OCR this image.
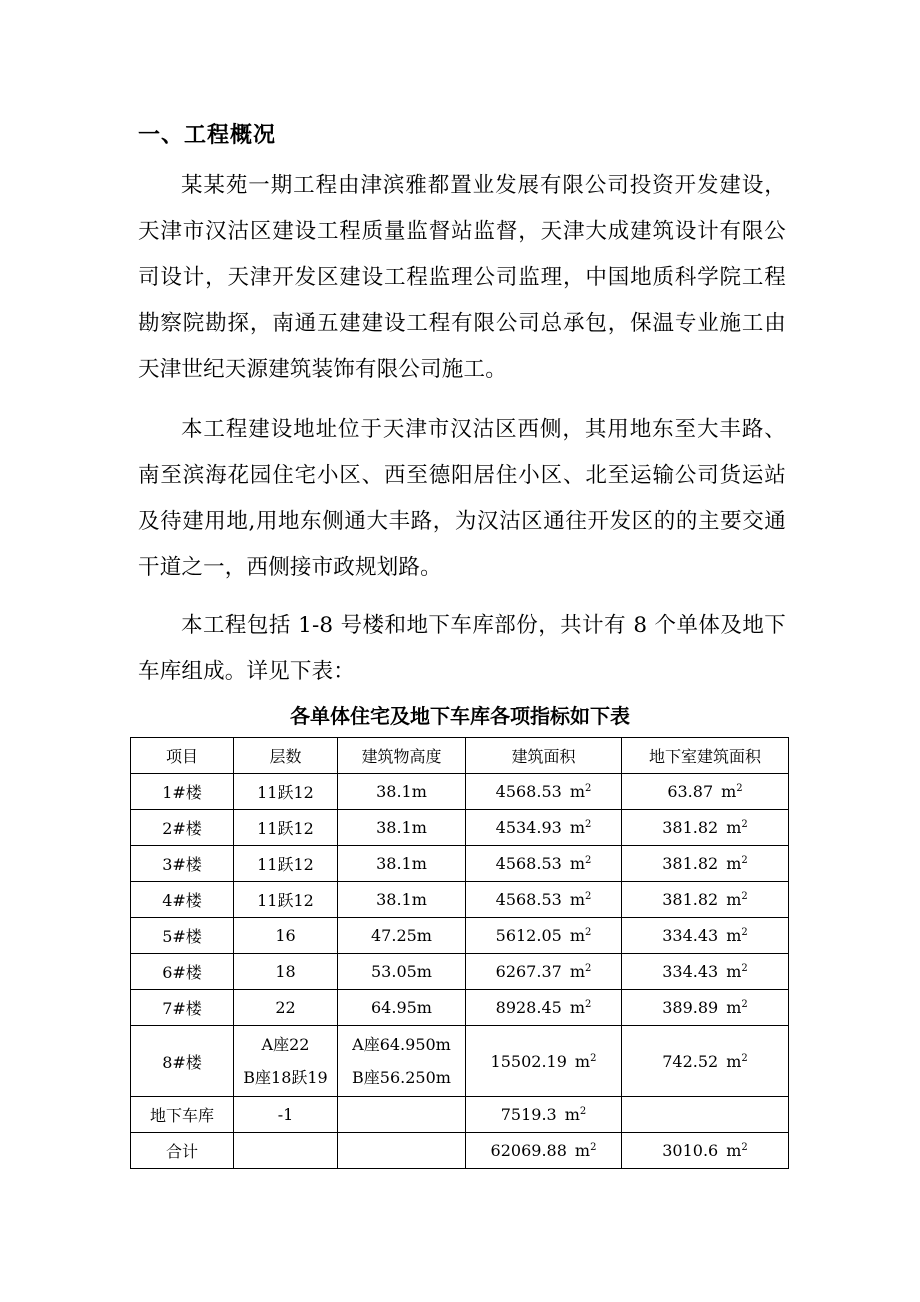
一、工程概况

某某苑一期工程由津滨雅都置业发展有限公司投资开发建设，天津市汉沽区建设工程质量监督站监督，天津大成建筑设计有限公司设计，天津开发区建设工程监理公司监理，中国地质科学院工程勘察院勘探，南通五建建设工程有限公司总承包，保温专业施工由天津世纪天源建筑装饰有限公司施工。

本工程建设地址位于天津市汉沽区西侧，其用地东至大丰路、南至滨海花园住宅小区、西至德阳居住小区、北至运输公司货运站及待建用地,用地东侧通大丰路，为汉沽区通往开发区的的主要交通干道之一，西侧接市政规划路。

本工程包括 1-8 号楼和地下车库部份，共计有 8 个单体及地下车库组成。详见下表：

各单体住宅及地下车库各项指标如下表
项目	层数	建筑物高度	建筑面积	地下室建筑面积
1#楼	11跃12	38.1m	4568.53 $m^2$	63.87 $m^2$
2#楼	11跃12	38.1m	4534.93 $m^2$	381.82 $m^2$
3#楼	11跃12	38.1m	4568.53 $m^2$	381.82 $m^2$
4#楼	11跃12	38.1m	4568.53 $m^2$	381.82 $m^2$
5#楼	16	47.25m	5612.05 $m^2$	334.43 $m^2$
6#楼	18	53.05m	6267.37 $m^2$	334.43 $m^2$
7#楼	22	64.95m	8928.45 $m^2$	389.89 $m^2$
8#楼	A座22
B座18跃19	A座64.950m
B座56.250m	15502.19 $m^2$	742.52 $m^2$
地下车库	-1		7519.3 $m^2$	
合计			62069.88 $m^2$	3010.6 $m^2$
